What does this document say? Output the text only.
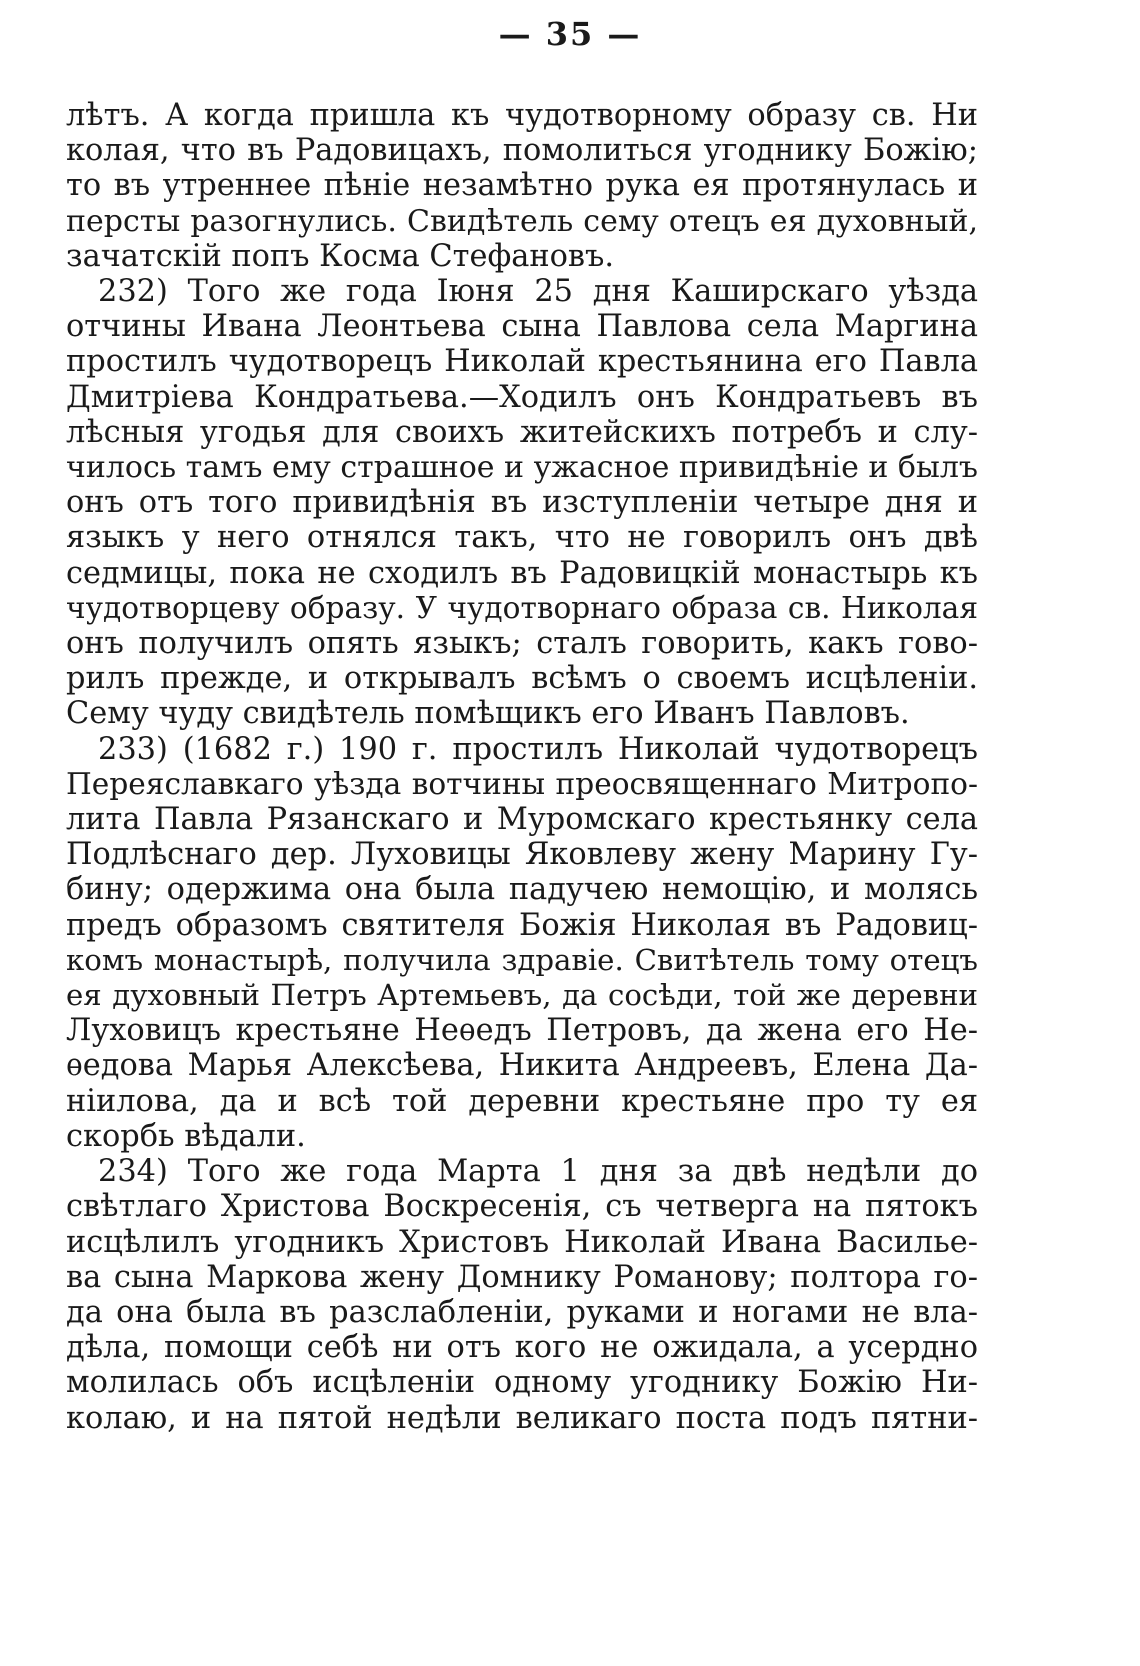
— 35 —
лѣтъ. А когда пришла къ чудотворному образу св. Ни
колая, что въ Радовицахъ, помолиться угоднику Божію;
то въ утреннее пѣніе незамѣтно рука ея протянулась и
персты разогнулись. Свидѣтель сему отецъ ея духовный,
зачатскій попъ Косма Стефановъ.
232) Того же года Іюня 25 дня Каширскаго уѣзда
отчины Ивана Леонтьева сына Павлова села Маргина
простилъ чудотворецъ Николай крестьянина его Павла
Дмитріева Кондратьева.—Ходилъ онъ Кондратьевъ въ
лѣсныя угодья для своихъ житейскихъ потребъ и слу-
чилось тамъ ему страшное и ужасное привидѣніе и былъ
онъ отъ того привидѣнія въ изступленіи четыре дня и
языкъ у него отнялся такъ, что не говорилъ онъ двѣ
седмицы, пока не сходилъ въ Радовицкій монастырь къ
чудотворцеву образу. У чудотворнаго образа св. Николая
онъ получилъ опять языкъ; сталъ говорить, какъ гово-
рилъ прежде, и открывалъ всѣмъ о своемъ исцѣленіи.
Сему чуду свидѣтель помѣщикъ его Иванъ Павловъ.
233) (1682 г.) 190 г. простилъ Николай чудотворецъ
Переяславкаго уѣзда вотчины преосвященнаго Митропо-
лита Павла Рязанскаго и Муромскаго крестьянку села
Подлѣснаго дер. Луховицы Яковлеву жену Марину Гу-
бину; одержима она была падучею немощію, и молясь
предъ образомъ святителя Божія Николая въ Радовиц-
комъ монастырѣ, получила здравіе. Свитѣтель тому отецъ
ея духовный Петръ Артемьевъ, да сосѣди, той же деревни
Луховицъ крестьяне Неѳедъ Петровъ, да жена его Не-
ѳедова Марья Алексѣева, Никита Андреевъ, Елена Да-
ніилова, да и всѣ той деревни крестьяне про ту ея
скорбь вѣдали.
234) Того же года Марта 1 дня за двѣ недѣли до
свѣтлаго Христова Воскресенія, съ четверга на пятокъ
исцѣлилъ угодникъ Христовъ Николай Ивана Василье-
ва сына Маркова жену Домнику Романову; полтора го-
да она была въ разслабленіи, руками и ногами не вла-
дѣла, помощи себѣ ни отъ кого не ожидала, а усердно
молилась объ исцѣленіи одному угоднику Божію Ни-
колаю, и на пятой недѣли великаго поста подъ пятни-
